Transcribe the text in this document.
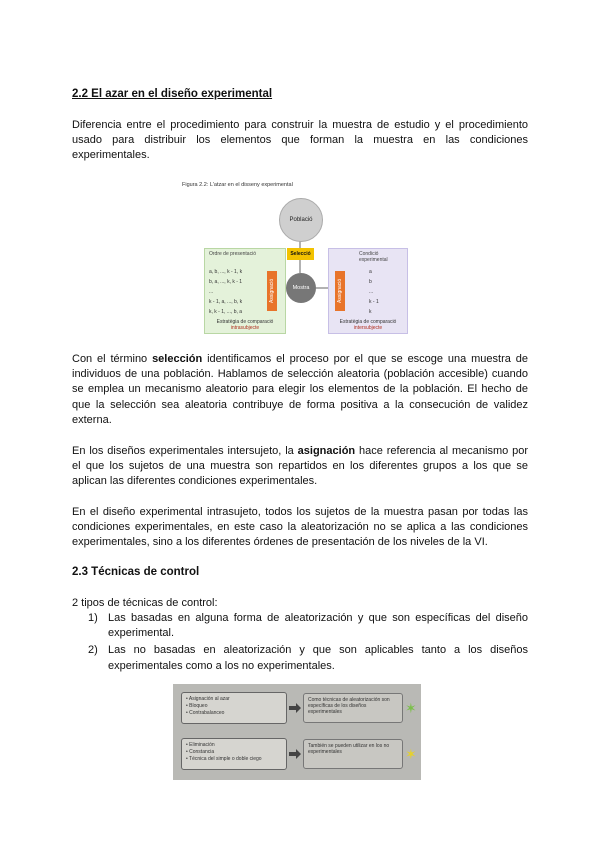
2.2 El azar en el diseño experimental
Diferencia entre el procedimiento para construir la muestra de estudio y el procedimiento usado para distribuir los elementos que forman la muestra en las condiciones experimentales.
Figura 2.2: L'atzar en el disseny experimental
Població
Selecció
Ordre de presentació
a, b, ..., k - 1, k
b, a, ..., k, k - 1
...
k - 1, a, ..., b, k
k, k - 1, ..., b, a
Assignació
Estratègia de comparació
intrasubjecte
Mostra
Condició experimental
Assignació
a
b
...
k - 1
k
Estratègia de comparació
intersubjecte
Con el término selección identificamos el proceso por el que se escoge una muestra de individuos de una población. Hablamos de selección aleatoria (población accesible) cuando se emplea un mecanismo aleatorio para elegir los elementos de la población. El hecho de que la selección sea aleatoria contribuye de forma positiva a la consecución de validez externa.
En los diseños experimentales intersujeto, la asignación hace referencia al mecanismo por el que los sujetos de una muestra son repartidos en los diferentes grupos a los que se aplican las diferentes condiciones experimentales.
En el diseño experimental intrasujeto, todos los sujetos de la muestra pasan por todas las condiciones experimentales, en este caso la aleatorización no se aplica a las condiciones experimentales, sino a los diferentes órdenes de presentación de los niveles de la VI.
2.3 Técnicas de control
2 tipos de técnicas de control:
1) Las basadas en alguna forma de aleatorización y que son específicas del diseño experimental.
2) Las no basadas en aleatorización y que son aplicables tanto a los diseños experimentales como a los no experimentales.
• Asignación al azar
• Bloqueo
• Contrabalanceo
Como técnicas de aleatorización son específicas de los diseños experimentales	✶
• Eliminación
• Constancia
• Técnica del simple o doble ciego
También se pueden utilizar en los no experimentales	✶
